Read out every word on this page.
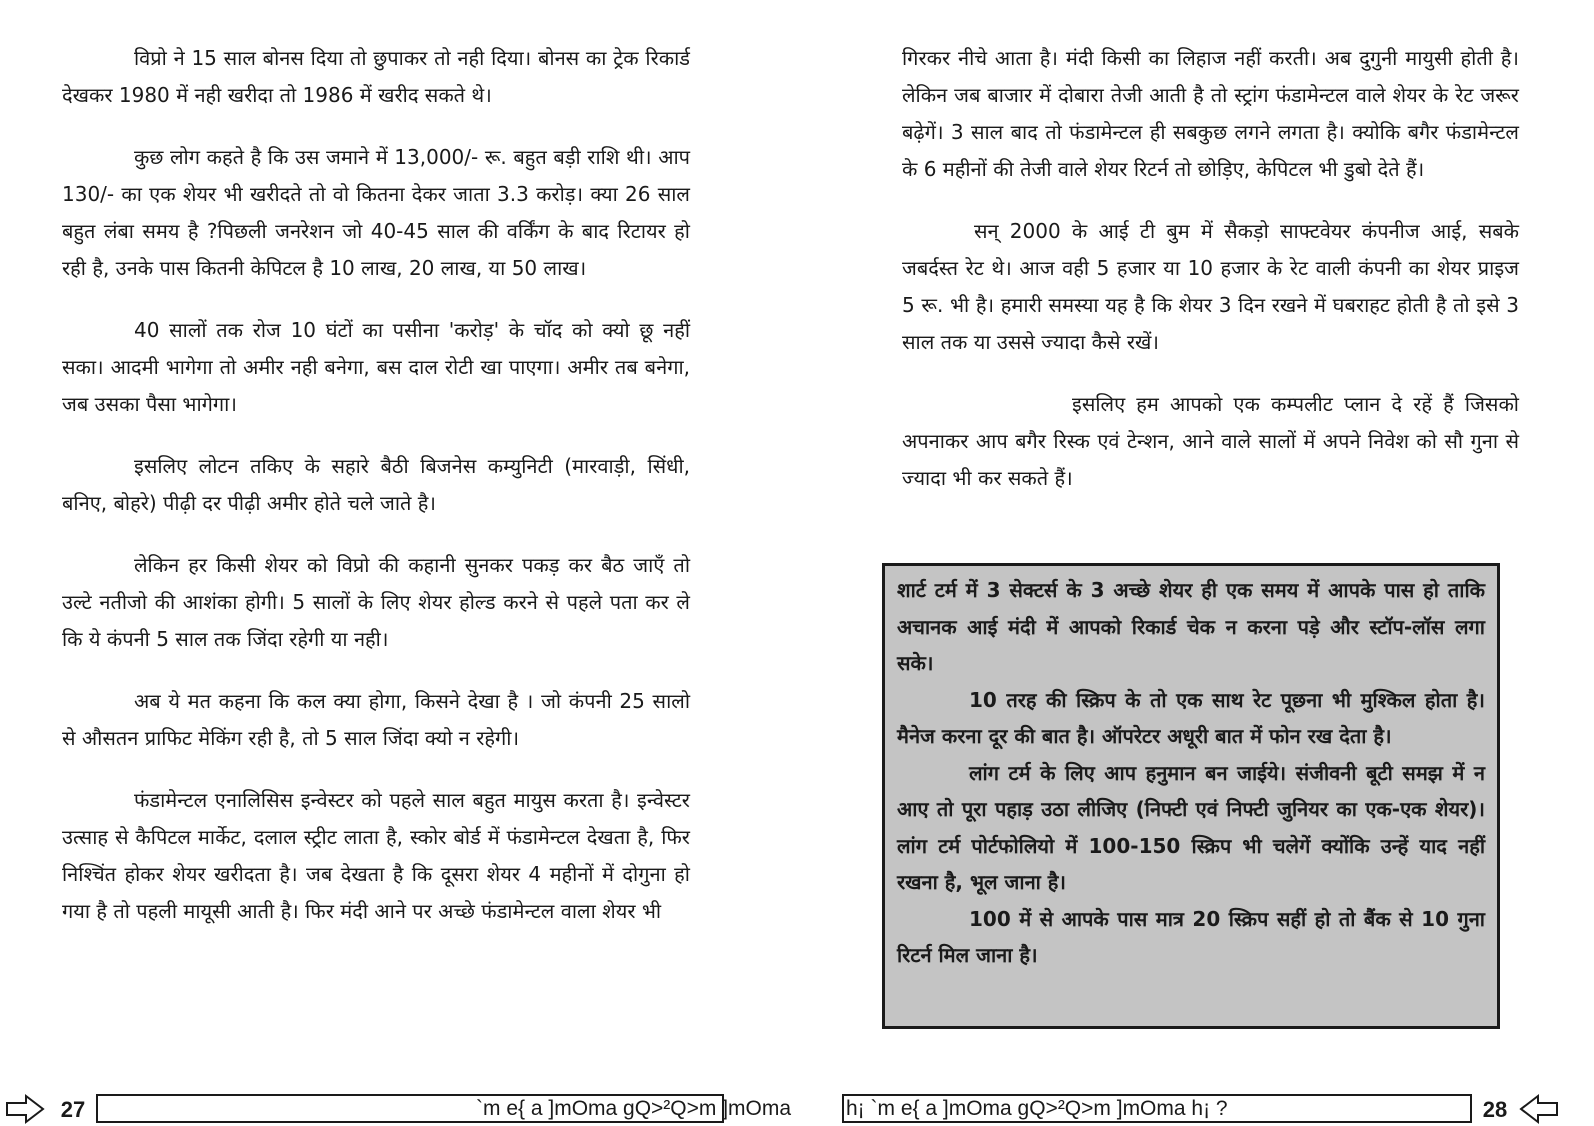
विप्रो ने 15 साल बोनस दिया तो छुपाकर तो नही दिया। बोनस का ट्रेक रिकार्ड देखकर 1980 में नही खरीदा तो 1986 में खरीद सकते थे।

कुछ लोग कहते है कि उस जमाने में 13,000/- रू. बहुत बड़ी राशि थी। आप 130/- का एक शेयर भी खरीदते तो वो कितना देकर जाता 3.3 करोड़। क्या 26 साल बहुत लंबा समय है ?पिछली जनरेशन जो 40-45 साल की वर्किंग के बाद रिटायर हो रही है, उनके पास कितनी केपिटल है 10 लाख, 20 लाख, या 50 लाख।

40 सालों तक रोज 10 घंटों का पसीना 'करोड़' के चॉद को क्यो छू नहीं सका। आदमी भागेगा तो अमीर नही बनेगा, बस दाल रोटी खा पाएगा। अमीर तब बनेगा, जब उसका पैसा भागेगा।

इसलिए लोटन तकिए के सहारे बैठी बिजनेस कम्युनिटी (मारवाड़ी, सिंधी, बनिए, बोहरे) पीढ़ी दर पीढ़ी अमीर होते चले जाते है।

लेकिन हर किसी शेयर को विप्रो की कहानी सुनकर पकड़ कर बैठ जाएँ तो उल्टे नतीजो की आशंका होगी। 5 सालों के लिए शेयर होल्ड करने से पहले पता कर ले कि ये कंपनी 5 साल तक जिंदा रहेगी या नही।

अब ये मत कहना कि कल क्या होगा, किसने देखा है । जो कंपनी 25 सालो से औसतन प्राफिट मेकिंग रही है, तो 5 साल जिंदा क्यो न रहेगी।

फंडामेन्टल एनालिसिस इन्वेस्टर को पहले साल बहुत मायुस करता है। इन्वेस्टर उत्साह से कैपिटल मार्केट, दलाल स्ट्रीट लाता है, स्कोर बोर्ड में फंडामेन्टल देखता है, फिर निश्चिंत होकर शेयर खरीदता है। जब देखता है कि दूसरा शेयर 4 महीनों में दोगुना हो गया है तो पहली मायूसी आती है। फिर मंदी आने पर अच्छे फंडामेन्टल वाला शेयर भी

गिरकर नीचे आता है। मंदी किसी का लिहाज नहीं करती। अब दुगुनी मायुसी होती है। लेकिन जब बाजार में दोबारा तेजी आती है तो स्ट्रांग फंडामेन्टल वाले शेयर के रेट जरूर बढ़ेगें। 3 साल बाद तो फंडामेन्टल ही सबकुछ लगने लगता है। क्योकि बगैर फंडामेन्टल के 6 महीनों की तेजी वाले शेयर रिटर्न तो छोड़िए, केपिटल भी डुबो देते हैं।

सन् 2000 के आई टी बुम में सैकड़ो साफ्टवेयर कंपनीज आई, सबके जबर्दस्त रेट थे। आज वही 5 हजार या 10 हजार के रेट वाली कंपनी का शेयर प्राइज 5 रू. भी है। हमारी समस्या यह है कि शेयर 3 दिन रखने में घबराहट होती है तो इसे 3 साल तक या उससे ज्यादा कैसे रखें।

इसलिए हम आपको एक कम्पलीट प्लान दे रहें हैं जिसको अपनाकर आप बगैर रिस्क एवं टेन्शन, आने वाले सालों में अपने निवेश को सौ गुना से ज्यादा भी कर सकते हैं।

शार्ट टर्म में 3 सेक्टर्स के 3 अच्छे शेयर ही एक समय में आपके पास हो ताकि अचानक आई मंदी में आपको रिकार्ड चेक न करना पड़े और स्टॉप-लॉस लगा सके।

10 तरह की स्क्रिप के तो एक साथ रेट पूछना भी मुश्किल होता है। मैनेज करना दूर की बात है। ऑपरेटर अधूरी बात में फोन रख देता है।

लांग टर्म के लिए आप हनुमान बन जाईये। संजीवनी बूटी समझ में न आए तो पूरा पहाड़ उठा लीजिए (निफ्टी एवं निफ्टी जुनियर का एक-एक शेयर)। लांग टर्म पोर्टफोलियो में 100-150 स्क्रिप भी चलेगें क्योंकि उन्हें याद नहीं रखना है, भूल जाना है।

100 में से आपके पास मात्र 20 स्क्रिप सहीं हो तो बैंक से 10 गुना रिटर्न मिल जाना है।

27	`m e{ a ]mOma gQ>²Q>m ]mOma	h¡ `m e{ a ]mOma gQ>²Q>m ]mOma h¡ ?	28
